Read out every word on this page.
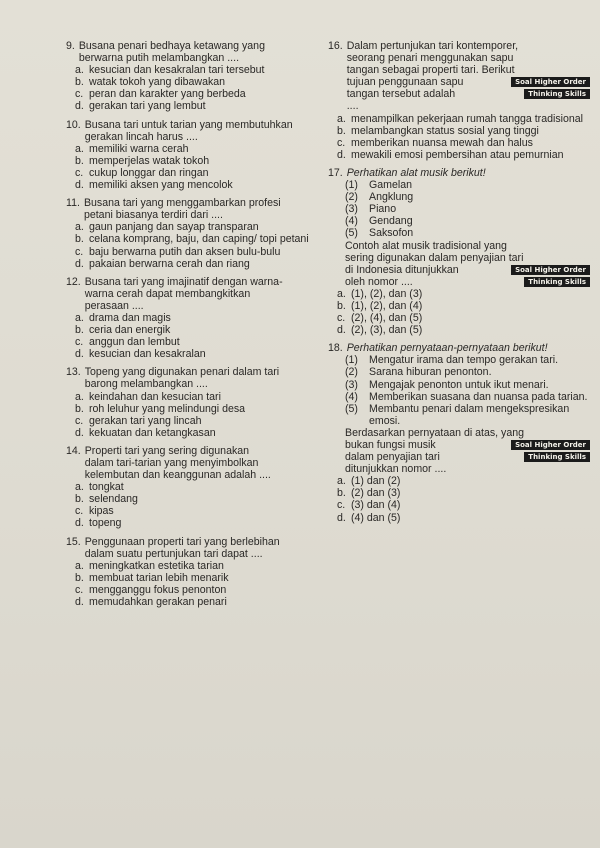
9. Busana penari bedhaya ketawang yang
berwarna putih melambangkan ....
a. kesucian dan kesakralan tari tersebut
b. watak tokoh yang dibawakan
c. peran dan karakter yang berbeda
d. gerakan tari yang lembut
10. Busana tari untuk tarian yang membutuhkan
gerakan lincah harus ....
a. memiliki warna cerah
b. memperjelas watak tokoh
c. cukup longgar dan ringan
d. memiliki aksen yang mencolok
11. Busana tari yang menggambarkan profesi
petani biasanya terdiri dari ....
a. gaun panjang dan sayap transparan
b. celana komprang, baju, dan caping/ topi petani
c. baju berwarna putih dan aksen bulu-bulu
d. pakaian berwarna cerah dan riang
12. Busana tari yang imajinatif dengan warna-
warna cerah dapat membangkitkan
perasaan ....
a. drama dan magis
b. ceria dan energik
c. anggun dan lembut
d. kesucian dan kesakralan
13. Topeng yang digunakan penari dalam tari
barong melambangkan ....
a. keindahan dan kesucian tari
b. roh leluhur yang melindungi desa
c. gerakan tari yang lincah
d. kekuatan dan ketangkasan
14. Properti tari yang sering digunakan
dalam tari-tarian yang menyimbolkan
kelembutan dan keanggunan adalah ....
a. tongkat
b. selendang
c. kipas
d. topeng
15. Penggunaan properti tari yang berlebihan
dalam suatu pertunjukan tari dapat ....
a. meningkatkan estetika tarian
b. membuat tarian lebih menarik
c. mengganggu fokus penonton
d. memudahkan gerakan penari
16. Dalam pertunjukan tari kontemporer,
seorang penari menggunakan sapu
tangan sebagai properti tari. Berikut
tujuan penggunaan sapu	Soal Higher Order
tangan tersebut adalah	Thinking Skills
....
a. menampilkan pekerjaan rumah tangga tradisional
b. melambangkan status sosial yang tinggi
c. memberikan nuansa mewah dan halus
d. mewakili emosi pembersihan atau pemurnian
17. Perhatikan alat musik berikut!
(1)	Gamelan
(2)	Angklung
(3)	Piano
(4)	Gendang
(5)	Saksofon
Contoh alat musik tradisional yang
sering digunakan dalam penyajian tari
di Indonesia ditunjukkan	Soal Higher Order
oleh nomor ....	Thinking Skills
a. (1), (2), dan (3)
b. (1), (2), dan (4)
c. (2), (4), dan (5)
d. (2), (3), dan (5)
18. Perhatikan pernyataan-pernyataan berikut!
(1)	Mengatur irama dan tempo gerakan tari.
(2)	Sarana hiburan penonton.
(3)	Mengajak penonton untuk ikut menari.
(4)	Memberikan suasana dan nuansa pada tarian.
(5)	Membantu penari dalam mengekspresikan emosi.
Berdasarkan pernyataan di atas, yang
bukan fungsi musik	Soal Higher Order
dalam penyajian tari	Thinking Skills
ditunjukkan nomor ....
a. (1) dan (2)
b. (2) dan (3)
c. (3) dan (4)
d. (4) dan (5)
